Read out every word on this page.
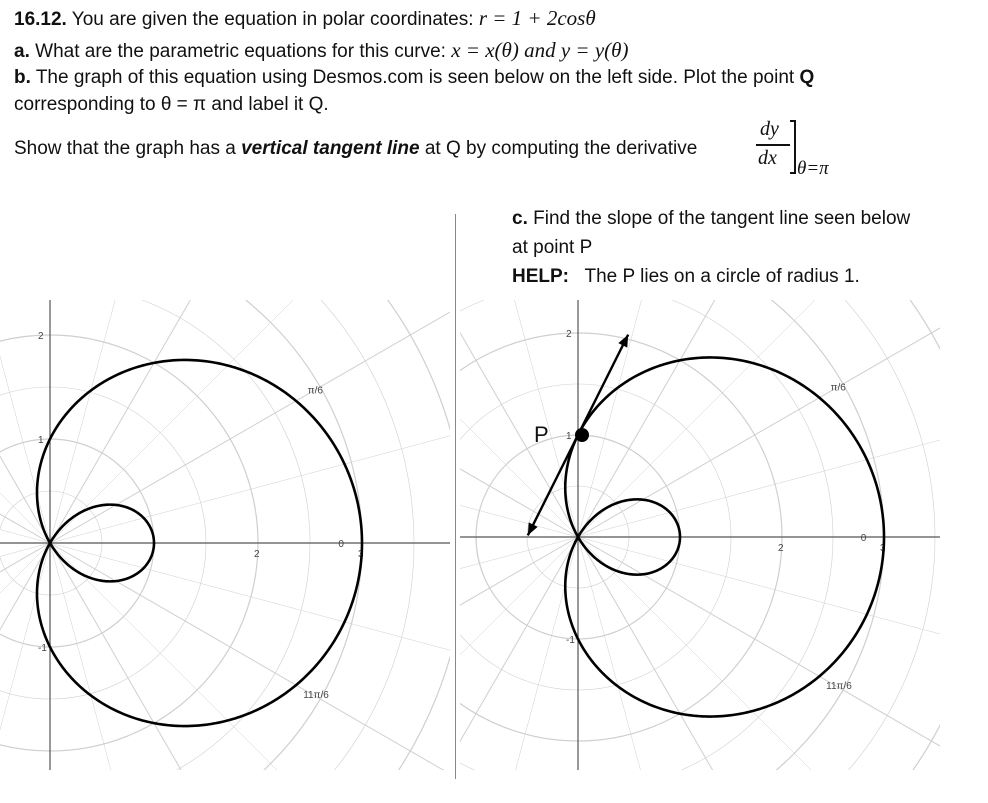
16.12. You are given the equation in polar coordinates: r = 1 + 2cosθ
a. What are the parametric equations for this curve: x = x(θ) and y = y(θ)
b. The graph of this equation using Desmos.com is seen below on the left side. Plot the point Q
corresponding to θ = π and label it Q.
Show that the graph has a vertical tangent line at Q by computing the derivative
dy
dx θ=π
c. Find the slope of the tangent line seen below
at point P
HELP: The P lies on a circle of radius 1.
2	3
2
1
-1
π/6
0
11π/6
2	3
2
1
-1
π/6
0
11π/6
P
